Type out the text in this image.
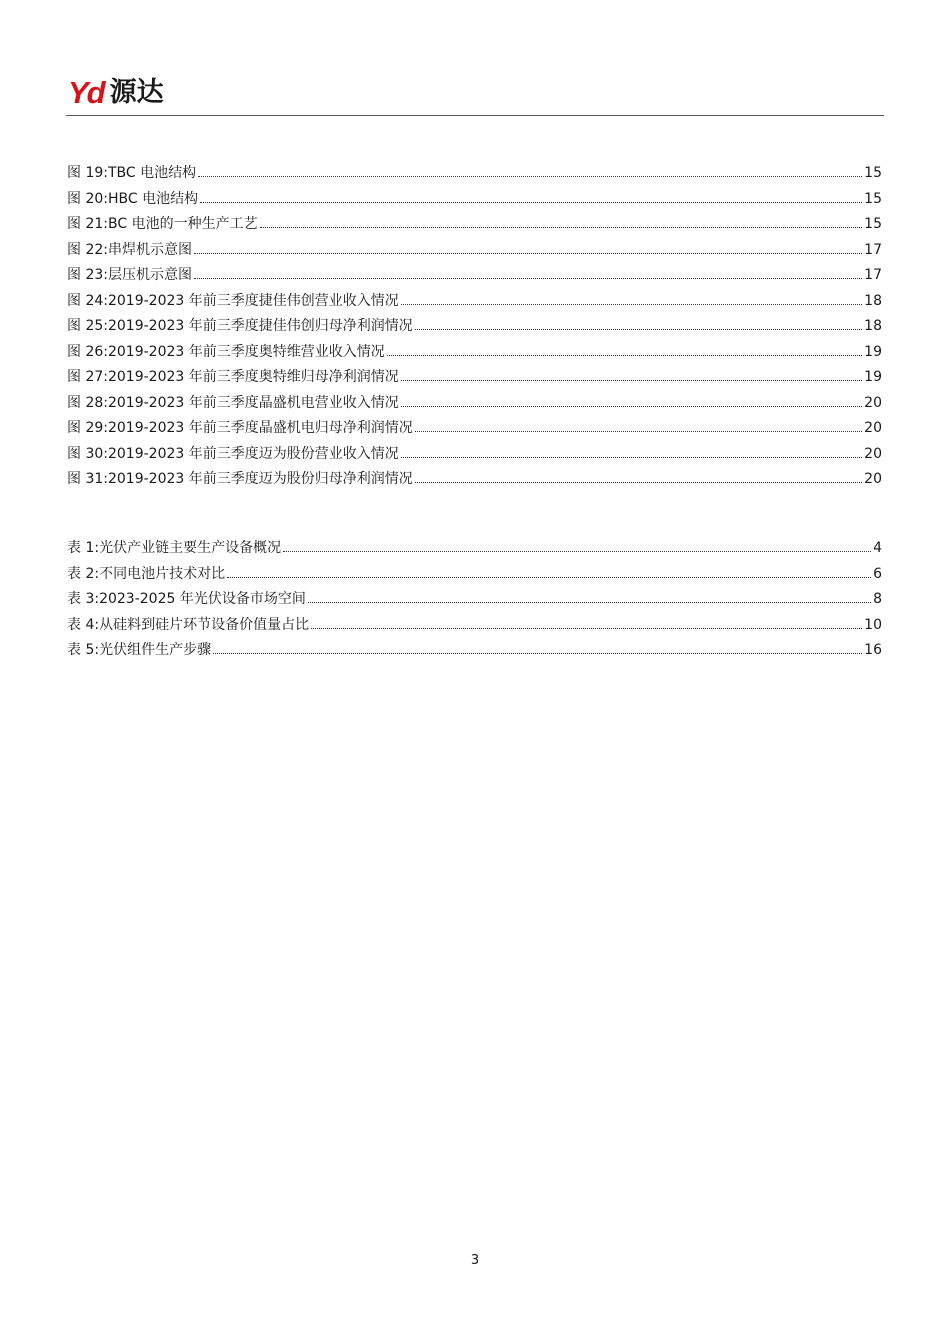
Yd 源达
图 19: TBC 电池结构	15
图 20: HBC 电池结构	15
图 21: BC 电池的一种生产工艺	15
图 22: 串焊机示意图	17
图 23: 层压机示意图	17
图 24: 2019-2023 年前三季度捷佳伟创营业收入情况	18
图 25: 2019-2023 年前三季度捷佳伟创归母净利润情况	18
图 26: 2019-2023 年前三季度奥特维营业收入情况	19
图 27: 2019-2023 年前三季度奥特维归母净利润情况	19
图 28: 2019-2023 年前三季度晶盛机电营业收入情况	20
图 29: 2019-2023 年前三季度晶盛机电归母净利润情况	20
图 30: 2019-2023 年前三季度迈为股份营业收入情况	20
图 31: 2019-2023 年前三季度迈为股份归母净利润情况	20
表 1: 光伏产业链主要生产设备概况	4
表 2: 不同电池片技术对比	6
表 3: 2023-2025 年光伏设备市场空间	8
表 4: 从硅料到硅片环节设备价值量占比	10
表 5: 光伏组件生产步骤	16
3
